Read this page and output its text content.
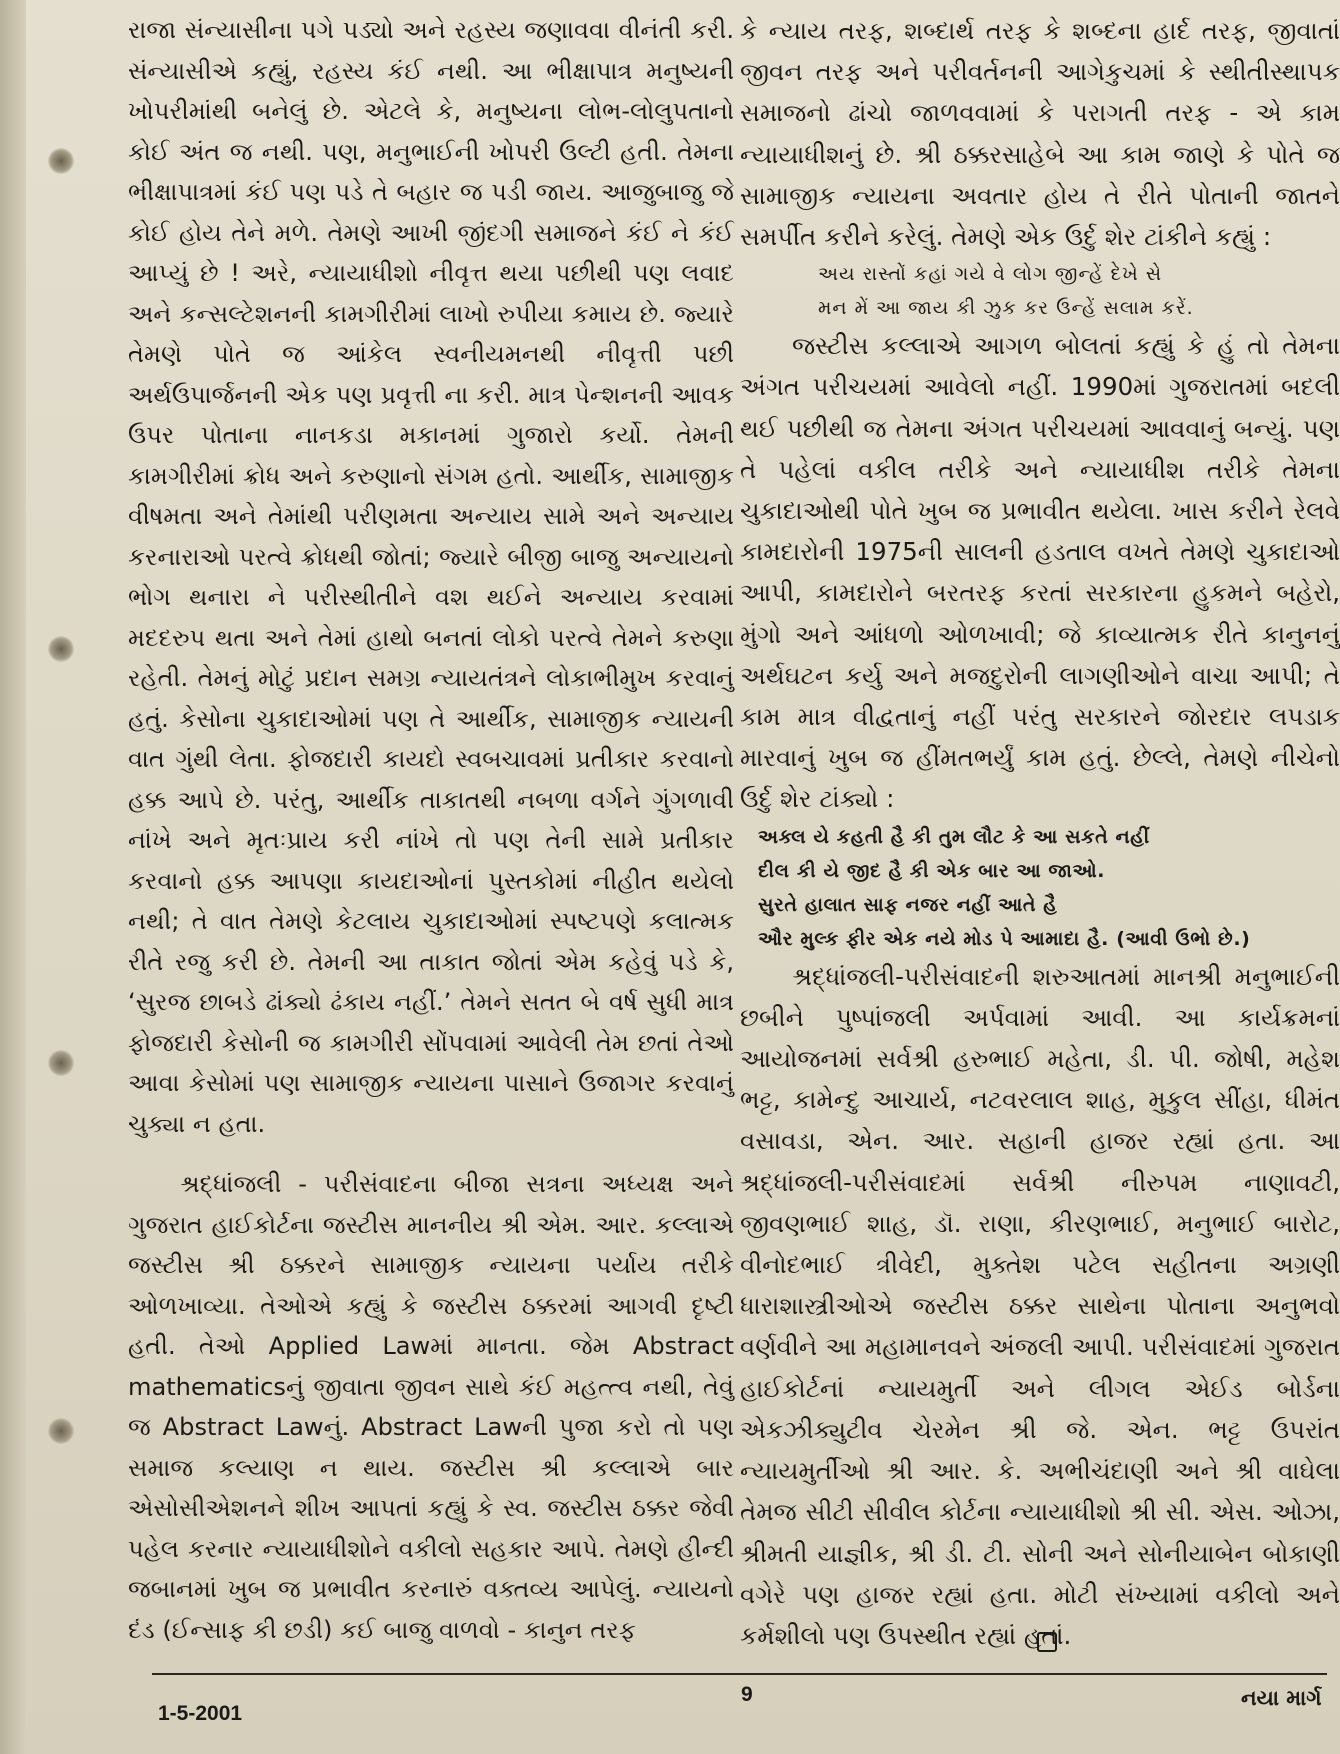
રાજા સંન્યાસીના પગે પડ્યો અને રહસ્ય જણાવવા વીનંતી કરી. સંન્યાસીએ કહ્યું, રહસ્ય કંઈ નથી. આ ભીક્ષાપાત્ર મનુષ્યની ખોપરીમાંથી બનેલું છે. એટલે કે, મનુષ્યના લોભ-લોલુપતાનો કોઈ અંત જ નથી. પણ, મનુભાઈની ખોપરી ઉલ્ટી હતી. તેમના ભીક્ષાપાત્રમાં કંઈ પણ પડે તે બહાર જ પડી જાય. આજુબાજુ જે કોઈ હોય તેને મળે. તેમણે આખી જીંદગી સમાજને કંઈ ને કંઈ આપ્યું છે ! અરે, ન્યાયાધીશો નીવૃત્ત થયા પછીથી પણ લવાદ અને કન્સલ્ટેશનની કામગીરીમાં લાખો રુપીયા કમાય છે. જ્યારે તેમણે પોતે જ આંકેલ સ્વનીયમનથી નીવૃત્તી પછી અર્થઉપાર્જનની એક પણ પ્રવૃત્તી ના કરી. માત્ર પેન્શનની આવક ઉપર પોતાના નાનકડા મકાનમાં ગુજારો કર્યો. તેમની કામગીરીમાં ક્રોધ અને કરુણાનો સંગમ હતો. આર્થીક, સામાજીક વીષમતા અને તેમાંથી પરીણમતા અન્યાય સામે અને અન્યાય કરનારાઓ પરત્વે ક્રોધથી જોતાં; જ્યારે બીજી બાજુ અન્યાયનો ભોગ થનારા ને પરીસ્થીતીને વશ થઈને અન્યાય કરવામાં મદદરુપ થતા અને તેમાં હાથો બનતાં લોકો પરત્વે તેમને કરુણા રહેતી. તેમનું મોટું પ્રદાન સમગ્ર ન્યાયતંત્રને લોકાભીમુખ કરવાનું હતું. કેસોના ચુકાદાઓમાં પણ તે આર્થીક, સામાજીક ન્યાયની વાત ગુંથી લેતા. ફોજદારી કાયદો સ્વબચાવમાં પ્રતીકાર કરવાનો હક્ક આપે છે. પરંતુ, આર્થીક તાકાતથી નબળા વર્ગને ગુંગળાવી નાંખે અને મૃતઃપ્રાય કરી નાંખે તો પણ તેની સામે પ્રતીકાર કરવાનો હક્ક આપણા કાયદાઓનાં પુસ્તકોમાં નીહીત થયેલો નથી; તે વાત તેમણે કેટલાય ચુકાદાઓમાં સ્પષ્ટપણે કલાત્મક રીતે રજુ કરી છે. તેમની આ તાકાત જોતાં એમ કહેવું પડે કે, ‘સુરજ છાબડે ઢાંક્યો ઢંકાય નહીં.’ તેમને સતત બે વર્ષ સુધી માત્ર ફોજદારી કેસોની જ કામગીરી સોંપવામાં આવેલી તેમ છતાં તેઓ આવા કેસોમાં પણ સામાજીક ન્યાયના પાસાને ઉજાગર કરવાનું ચુક્યા ન હતા.

શ્રદ્ધાંજલી - પરીસંવાદના બીજા સત્રના અધ્યક્ષ અને ગુજરાત હાઈકોર્ટના જસ્ટીસ માનનીય શ્રી એમ. આર. કલ્લાએ જસ્ટીસ શ્રી ઠક્કરને સામાજીક ન્યાયના પર્યાય તરીકે ઓળખાવ્યા. તેઓએ કહ્યું કે જસ્ટીસ ઠક્કરમાં આગવી દૃષ્ટી હતી. તેઓ Applied Lawમાં માનતા. જેમ Abstract mathematicsનું જીવાતા જીવન સાથે કંઈ મહત્ત્વ નથી, તેવું જ Abstract Lawનું. Abstract Lawની પુજા કરો તો પણ સમાજ કલ્યાણ ન થાય. જસ્ટીસ શ્રી કલ્લાએ બાર એસોસીએશનને શીખ આપતાં કહ્યું કે સ્વ. જસ્ટીસ ઠક્કર જેવી પહેલ કરનાર ન્યાયાધીશોને વકીલો સહકાર આપે. તેમણે હીન્દી જબાનમાં ખુબ જ પ્રભાવીત કરનારું વક્તવ્ય આપેલું. ન્યાયનો દંડ (ઈન્સાફ કી છડી) કઈ બાજુ વાળવો - કાનુન તરફ

કે ન્યાય તરફ, શબ્દાર્થ તરફ કે શબ્દના હાર્દ તરફ, જીવાતાં જીવન તરફ અને પરીવર્તનની આગેકુચમાં કે સ્થીતીસ્થાપક સમાજનો ઢાંચો જાળવવામાં કે પરાગતી તરફ - એ કામ ન્યાયાધીશનું છે. શ્રી ઠક્કરસાહેબે આ કામ જાણે કે પોતે જ સામાજીક ન્યાયના અવતાર હોય તે રીતે પોતાની જાતને સમર્પીત કરીને કરેલું. તેમણે એક ઉર્દુ શેર ટાંકીને કહ્યું :

અય રાસ્તોં કહાં ગયે વે લોગ જીન્હેં દેખે સે

મન મેં આ જાય કી ઝુક કર ઉન્હેં સલામ કરેં.

જસ્ટીસ કલ્લાએ આગળ બોલતાં કહ્યું કે હું તો તેમના અંગત પરીચયમાં આવેલો નહીં. 1990માં ગુજરાતમાં બદલી થઈ પછીથી જ તેમના અંગત પરીચયમાં આવવાનું બન્યું. પણ તે પહેલાં વકીલ તરીકે અને ન્યાયાધીશ તરીકે તેમના ચુકાદાઓથી પોતે ખુબ જ પ્રભાવીત થયેલા. ખાસ કરીને રેલવે કામદારોની 1975ની સાલની હડતાલ વખતે તેમણે ચુકાદાઓ આપી, કામદારોને બરતરફ કરતાં સરકારના હુકમને બહેરો, મુંગો અને આંધળો ઓળખાવી; જે કાવ્યાત્મક રીતે કાનુનનું અર્થઘટન કર્યુ અને મજદુરોની લાગણીઓને વાચા આપી; તે કામ માત્ર વીદ્વતાનું નહીં પરંતુ સરકારને જોરદાર લપડાક મારવાનું ખુબ જ હીંમતભર્યું કામ હતું. છેલ્લે, તેમણે નીચેનો ઉર્દુ શેર ટાંક્યો :

અક્લ યે કહતી હૈ કી તુમ લૌટ કે આ સકતે નહીં

દીલ કી યે જીદ હૈ કી એક બાર આ જાઓ.

સુરતે હાલાત સાફ નજર નહીં આતે હૈ

ઔર મુલ્ક ફીર એક નયે મોડ પે આમાદા હૈ. (આવી ઉભો છે.)

શ્રદ્ધાંજલી-પરીસંવાદની શરુઆતમાં માનશ્રી મનુભાઈની છબીને પુષ્પાંજલી અર્પવામાં આવી. આ કાર્યક્રમનાં આયોજનમાં સર્વશ્રી હરુભાઈ મહેતા, ડી. પી. જોષી, મહેશ ભટ્ટ, કામેન્દુ આચાર્ય, નટવરલાલ શાહ, મુકુલ સીંહા, ધીમંત વસાવડા, એન. આર. સહાની હાજર રહ્યાં હતા. આ શ્રદ્ધાંજલી-પરીસંવાદમાં સર્વશ્રી નીરુપમ નાણાવટી, જીવણભાઈ શાહ, ડૉ. રાણા, કીરણભાઈ, મનુભાઈ બારોટ, વીનોદભાઈ ત્રીવેદી, મુક્તેશ પટેલ સહીતના અગ્રણી ધારાશાસ્ત્રીઓએ જસ્ટીસ ઠક્કર સાથેના પોતાના અનુભવો વર્ણવીને આ મહામાનવને અંજલી આપી. પરીસંવાદમાં ગુજરાત હાઈકોર્ટનાં ન્યાયમુર્તી અને લીગલ એઈડ બોર્ડના એકઝીક્યુટીવ ચેરમેન શ્રી જે. એન. ભટ્ટ ઉપરાંત ન્યાયમુર્તીઓ શ્રી આર. કે. અભીચંદાણી અને શ્રી વાઘેલા તેમજ સીટી સીવીલ કોર્ટના ન્યાયાધીશો શ્રી સી. એસ. ઓઝા, શ્રીમતી યાજ્ઞીક, શ્રી ડી. ટી. સોની અને સોનીયાબેન બોકાણી વગેરે પણ હાજર રહ્યાં હતા. મોટી સંખ્યામાં વકીલો અને કર્મશીલો પણ ઉપસ્થીત રહ્યાં હતાં.

1-5-2001
9	નયા માર્ગ
